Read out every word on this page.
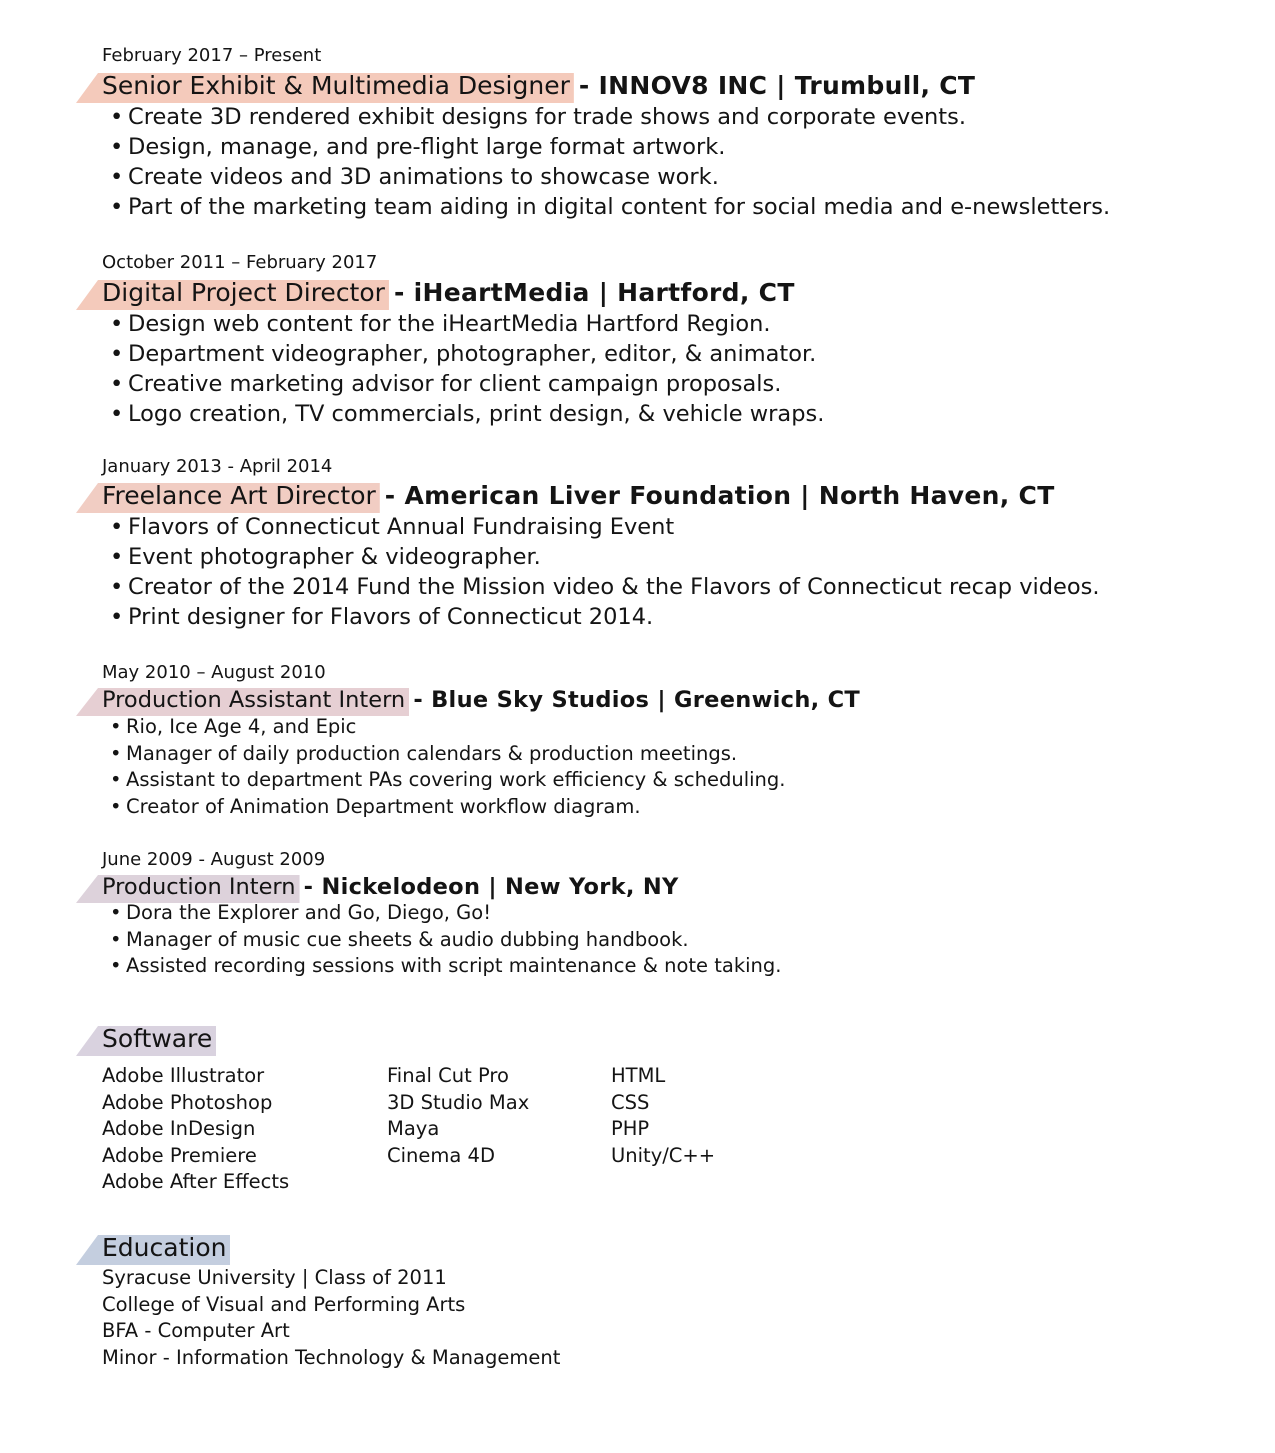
February 2017 – Present
Senior Exhibit & Multimedia Designer - INNOV8 INC | Trumbull, CT
• Create 3D rendered exhibit designs for trade shows and corporate events.
• Design, manage, and pre-flight large format artwork.
• Create videos and 3D animations to showcase work.
• Part of the marketing team aiding in digital content for social media and e-newsletters.
October 2011 – February 2017
Digital Project Director - iHeartMedia | Hartford, CT
• Design web content for the iHeartMedia Hartford Region.
• Department videographer, photographer, editor, & animator.
• Creative marketing advisor for client campaign proposals.
• Logo creation, TV commercials, print design, & vehicle wraps.
January 2013 - April 2014
Freelance Art Director - American Liver Foundation | North Haven, CT
• Flavors of Connecticut Annual Fundraising Event
• Event photographer & videographer.
• Creator of the 2014 Fund the Mission video & the Flavors of Connecticut recap videos.
• Print designer for Flavors of Connecticut 2014.
May 2010 – August 2010
Production Assistant Intern - Blue Sky Studios | Greenwich, CT
• Rio, Ice Age 4, and Epic
• Manager of daily production calendars & production meetings.
• Assistant to department PAs covering work efficiency & scheduling.
• Creator of Animation Department workflow diagram.
June 2009 - August 2009
Production Intern - Nickelodeon | New York, NY
• Dora the Explorer and Go, Diego, Go!
• Manager of music cue sheets & audio dubbing handbook.
• Assisted recording sessions with script maintenance & note taking.
Software
Adobe Illustrator
Adobe Photoshop
Adobe InDesign
Adobe Premiere
Adobe After Effects
Final Cut Pro
3D Studio Max
Maya
Cinema 4D
HTML
CSS
PHP
Unity/C++
Education
Syracuse University | Class of 2011
College of Visual and Performing Arts
BFA - Computer Art
Minor - Information Technology & Management
